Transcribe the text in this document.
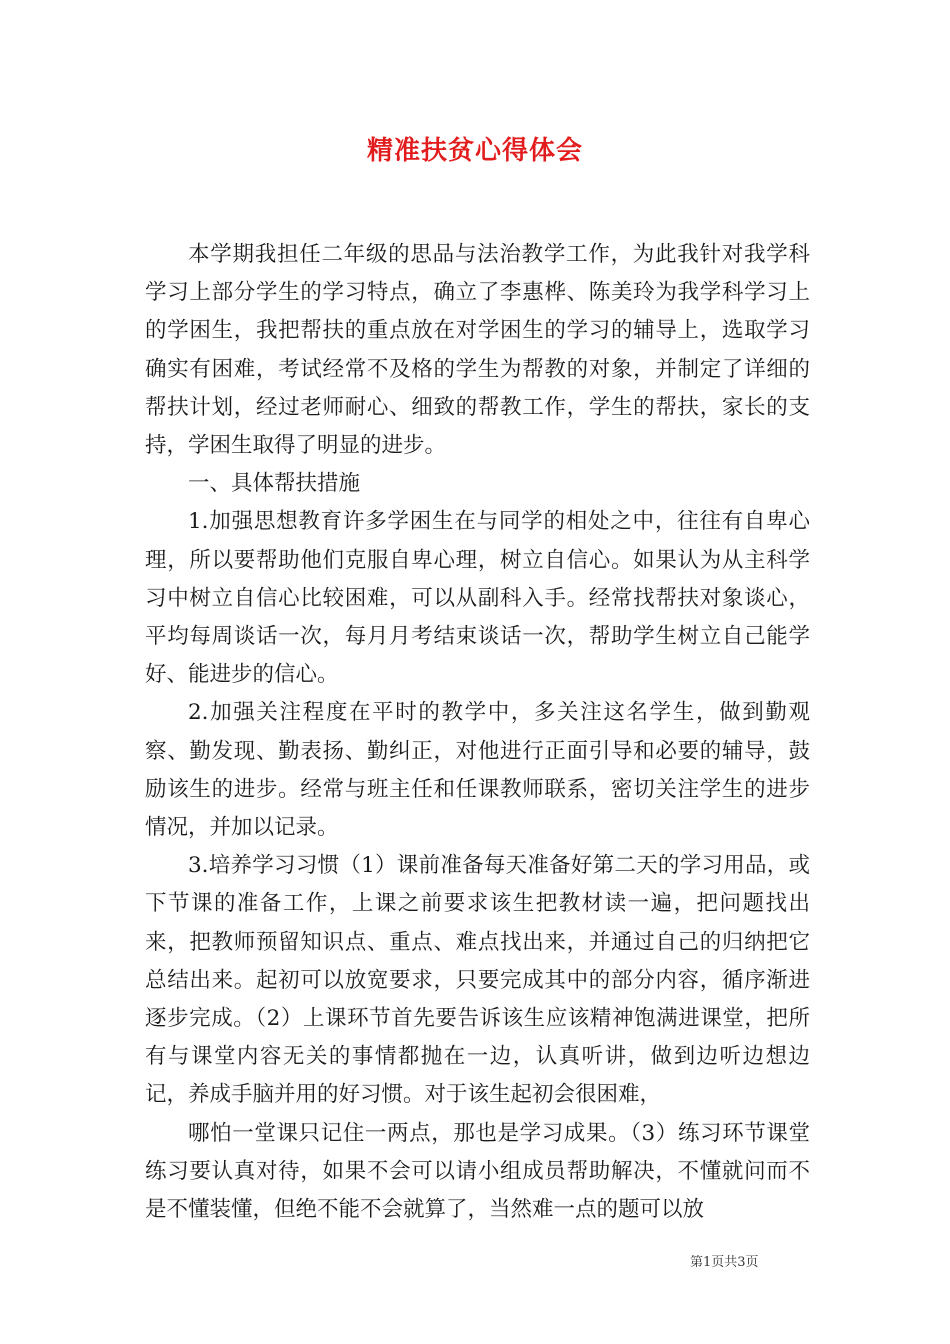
精准扶贫心得体会

本学期我担任二年级的思品与法治教学工作，为此我针对我学科学习上部分学生的学习特点，确立了李惠桦、陈美玲为我学科学习上的学困生，我把帮扶的重点放在对学困生的学习的辅导上，选取学习确实有困难，考试经常不及格的学生为帮教的对象，并制定了详细的帮扶计划，经过老师耐心、细致的帮教工作，学生的帮扶，家长的支持，学困生取得了明显的进步。

一、具体帮扶措施

1.加强思想教育许多学困生在与同学的相处之中，往往有自卑心理，所以要帮助他们克服自卑心理，树立自信心。如果认为从主科学习中树立自信心比较困难，可以从副科入手。经常找帮扶对象谈心，平均每周谈话一次，每月月考结束谈话一次，帮助学生树立自己能学好、能进步的信心。

2.加强关注程度在平时的教学中，多关注这名学生，做到勤观察、勤发现、勤表扬、勤纠正，对他进行正面引导和必要的辅导，鼓励该生的进步。经常与班主任和任课教师联系，密切关注学生的进步情况，并加以记录。

3.培养学习习惯（1）课前准备每天准备好第二天的学习用品，或下节课的准备工作，上课之前要求该生把教材读一遍，把问题找出来，把教师预留知识点、重点、难点找出来，并通过自己的归纳把它总结出来。起初可以放宽要求，只要完成其中的部分内容，循序渐进逐步完成。（2）上课环节首先要告诉该生应该精神饱满进课堂，把所有与课堂内容无关的事情都抛在一边，认真听讲，做到边听边想边记，养成手脑并用的好习惯。对于该生起初会很困难，

哪怕一堂课只记住一两点，那也是学习成果。（3）练习环节课堂练习要认真对待，如果不会可以请小组成员帮助解决，不懂就问而不是不懂装懂，但绝不能不会就算了，当然难一点的题可以放

第1页共3页
